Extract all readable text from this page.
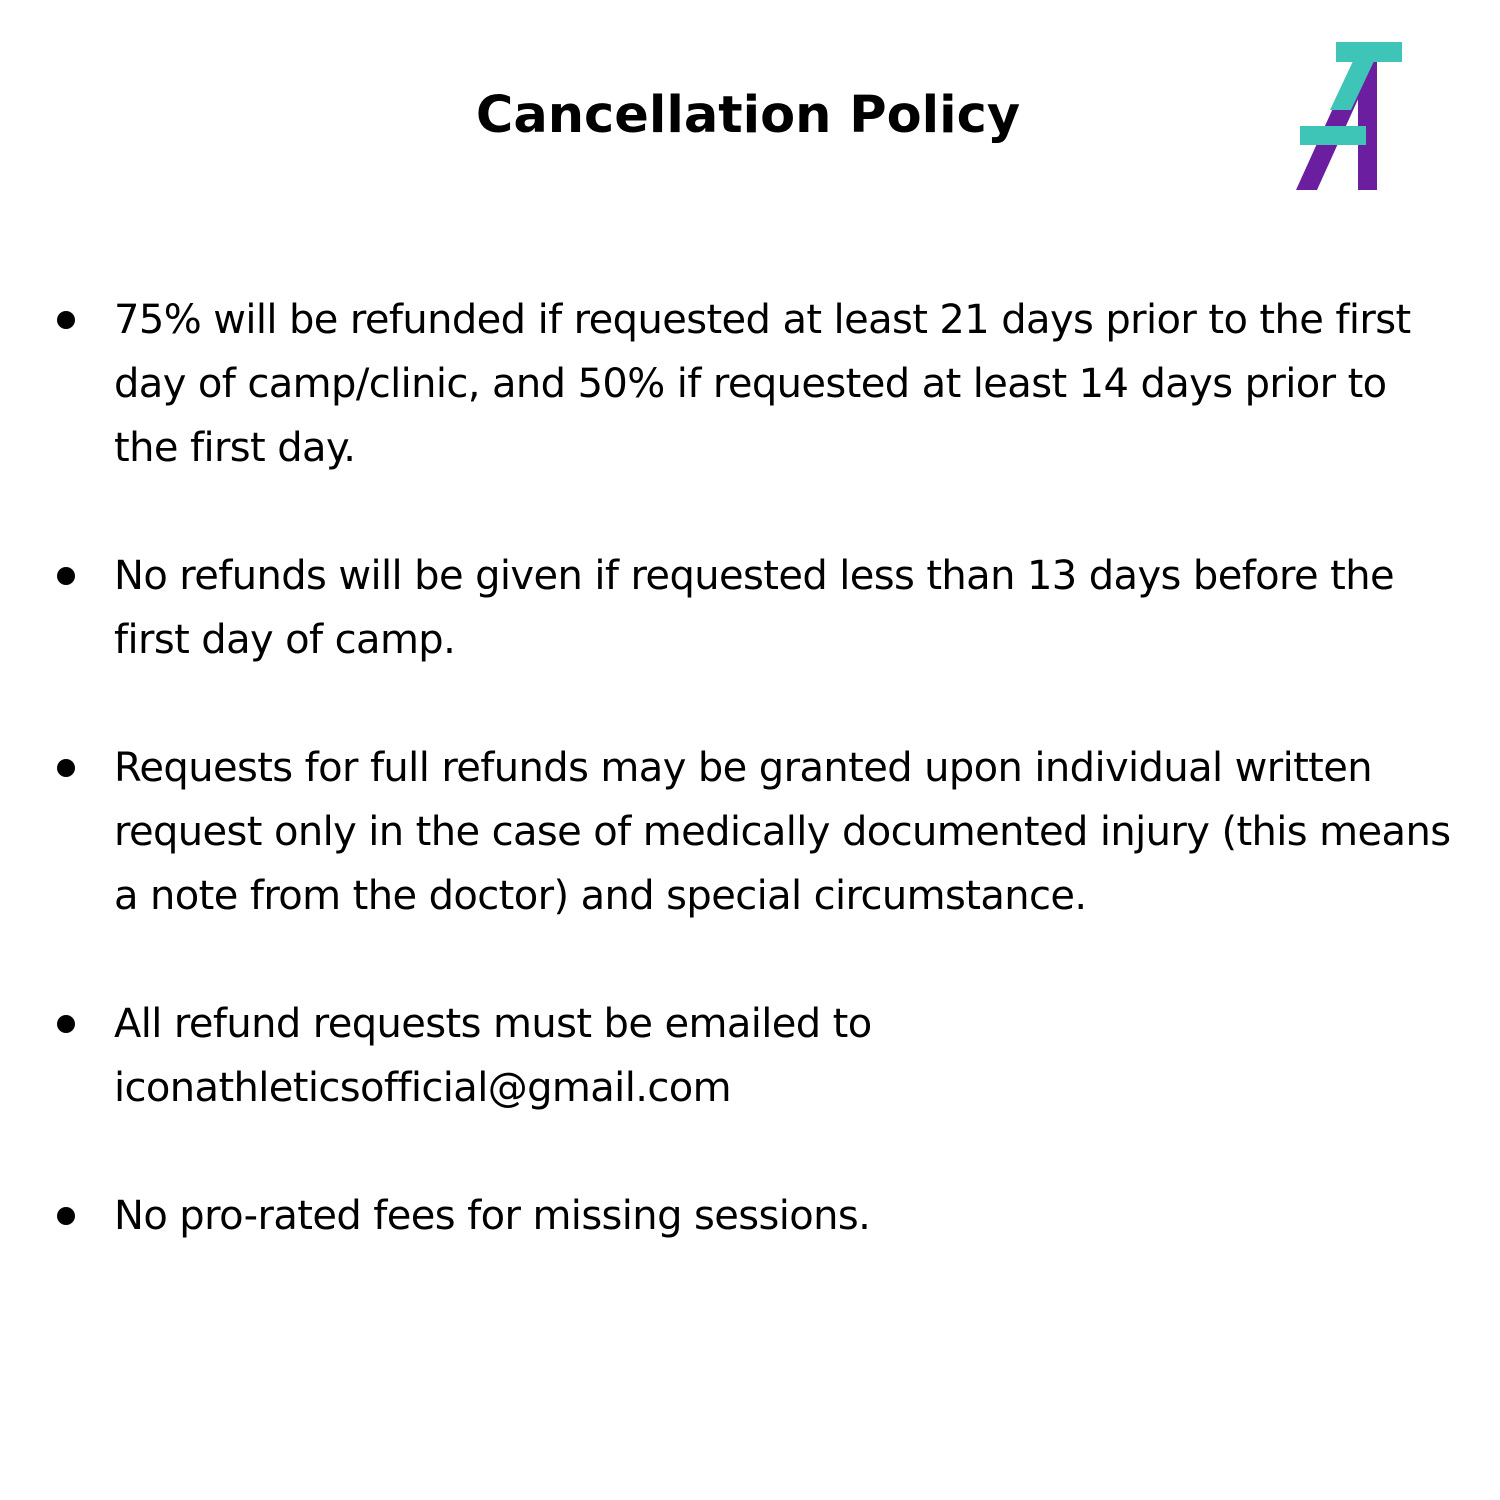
Cancellation Policy
75% will be refunded if requested at least 21 days prior to the first day of camp/clinic, and 50% if requested at least 14 days prior to the first day.
No refunds will be given if requested less than 13 days before the first day of camp.
Requests for full refunds may be granted upon individual written request only in the case of medically documented injury (this means a note from the doctor) and special circumstance.
All refund requests must be emailed to
iconathleticsofficial@gmail.com
No pro-rated fees for missing sessions.
